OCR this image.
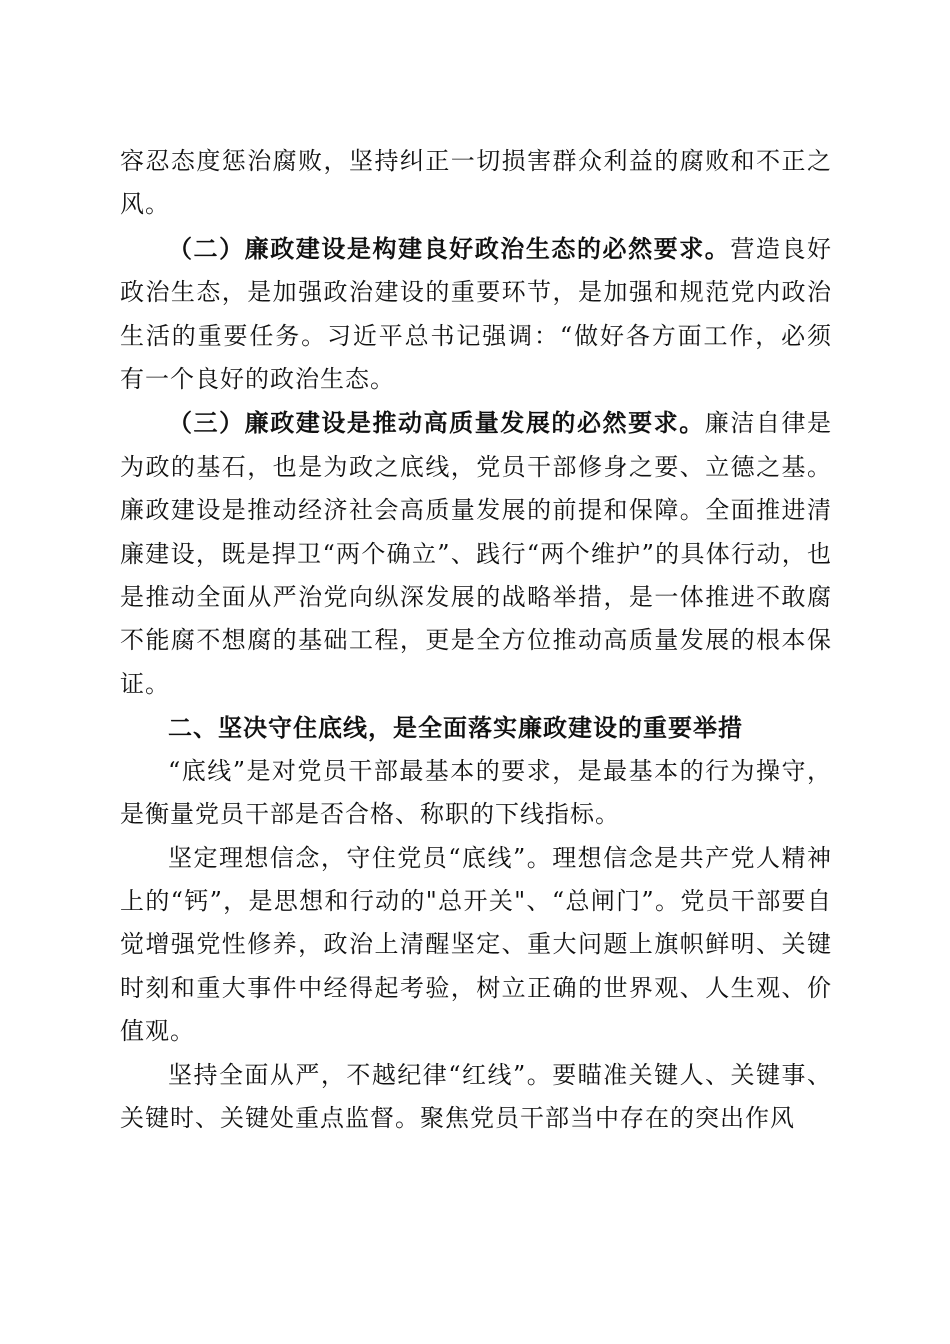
容忍态度惩治腐败，坚持纠正一切损害群众利益的腐败和不正之风。

（二）廉政建设是构建良好政治生态的必然要求。营造良好政治生态，是加强政治建设的重要环节，是加强和规范党内政治生活的重要任务。习近平总书记强调：“做好各方面工作，必须有一个良好的政治生态。

（三）廉政建设是推动高质量发展的必然要求。廉洁自律是为政的基石，也是为政之底线，党员干部修身之要、立德之基。廉政建设是推动经济社会高质量发展的前提和保障。全面推进清廉建设，既是捍卫“两个确立”、践行“两个维护”的具体行动，也是推动全面从严治党向纵深发展的战略举措，是一体推进不敢腐不能腐不想腐的基础工程，更是全方位推动高质量发展的根本保证。

二、坚决守住底线，是全面落实廉政建设的重要举措

“底线”是对党员干部最基本的要求，是最基本的行为操守，是衡量党员干部是否合格、称职的下线指标。

坚定理想信念，守住党员“底线”。理想信念是共产党人精神上的“钙”，是思想和行动的"总开关"、“总闸门”。党员干部要自觉增强党性修养，政治上清醒坚定、重大问题上旗帜鲜明、关键时刻和重大事件中经得起考验，树立正确的世界观、人生观、价值观。

坚持全面从严，不越纪律“红线”。要瞄准关键人、关键事、关键时、关键处重点监督。聚焦党员干部当中存在的突出作风
